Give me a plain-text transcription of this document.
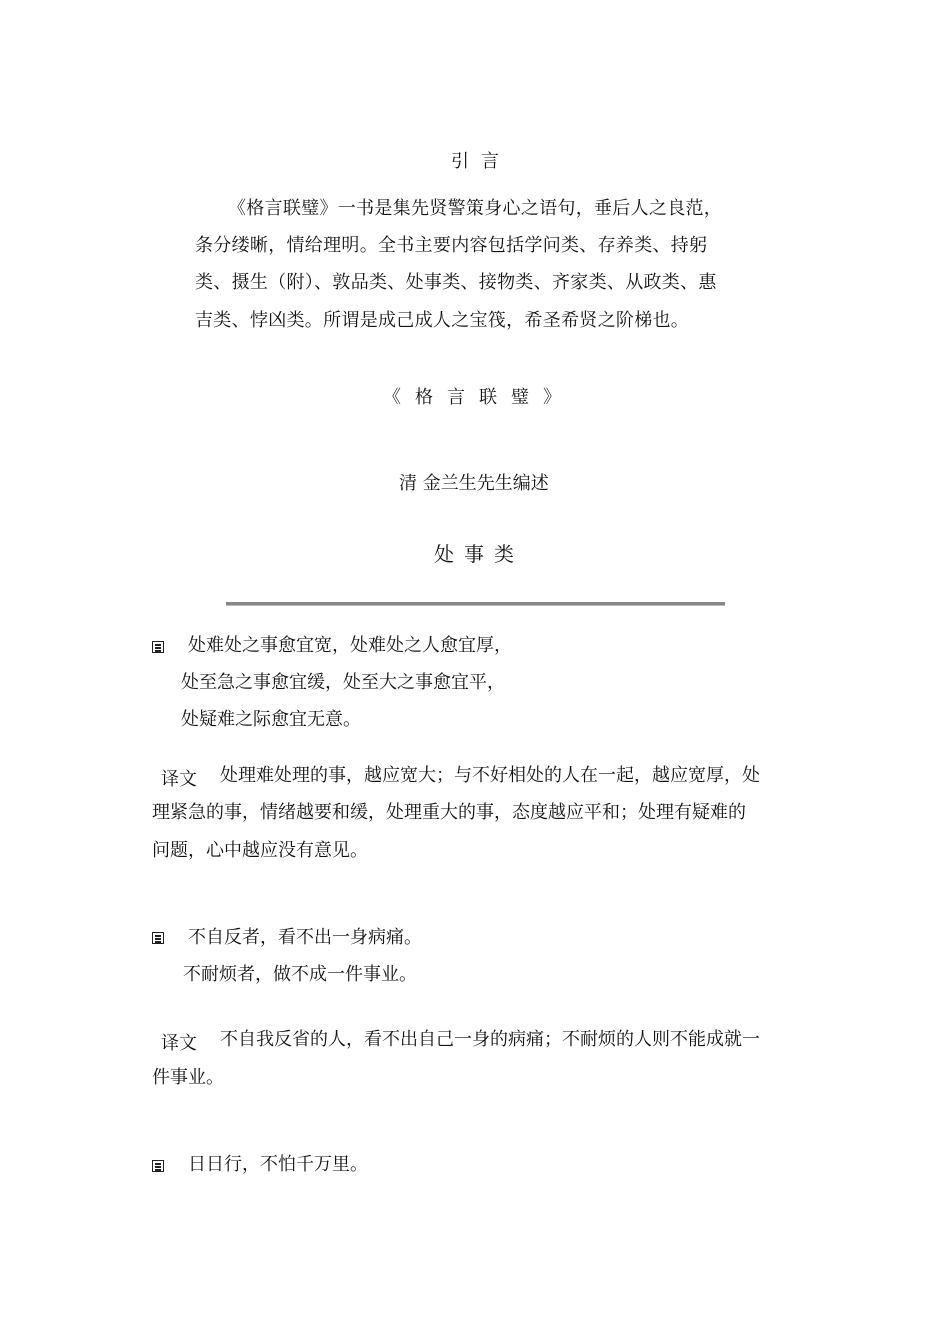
引言
《格言联璧》一书是集先贤警策身心之语句，垂后人之良范，
条分缕晰，情给理明。全书主要内容包括学问类、存养类、持躬
类、摄生（附）、敦品类、处事类、接物类、齐家类、从政类、惠
吉类、悖凶类。所谓是成己成人之宝筏，希圣希贤之阶梯也。
《格言联璧》
清 金兰生先生编述
处事类
处难处之事愈宜宽，处难处之人愈宜厚，
处至急之事愈宜缓，处至大之事愈宜平，
处疑难之际愈宜无意。
译文 处理难处理的事，越应宽大；与不好相处的人在一起，越应宽厚，处
理紧急的事，情绪越要和缓，处理重大的事，态度越应平和；处理有疑难的
问题，心中越应没有意见。
不自反者，看不出一身病痛。
不耐烦者，做不成一件事业。
译文 不自我反省的人，看不出自己一身的病痛；不耐烦的人则不能成就一
件事业。
日日行，不怕千万里。
